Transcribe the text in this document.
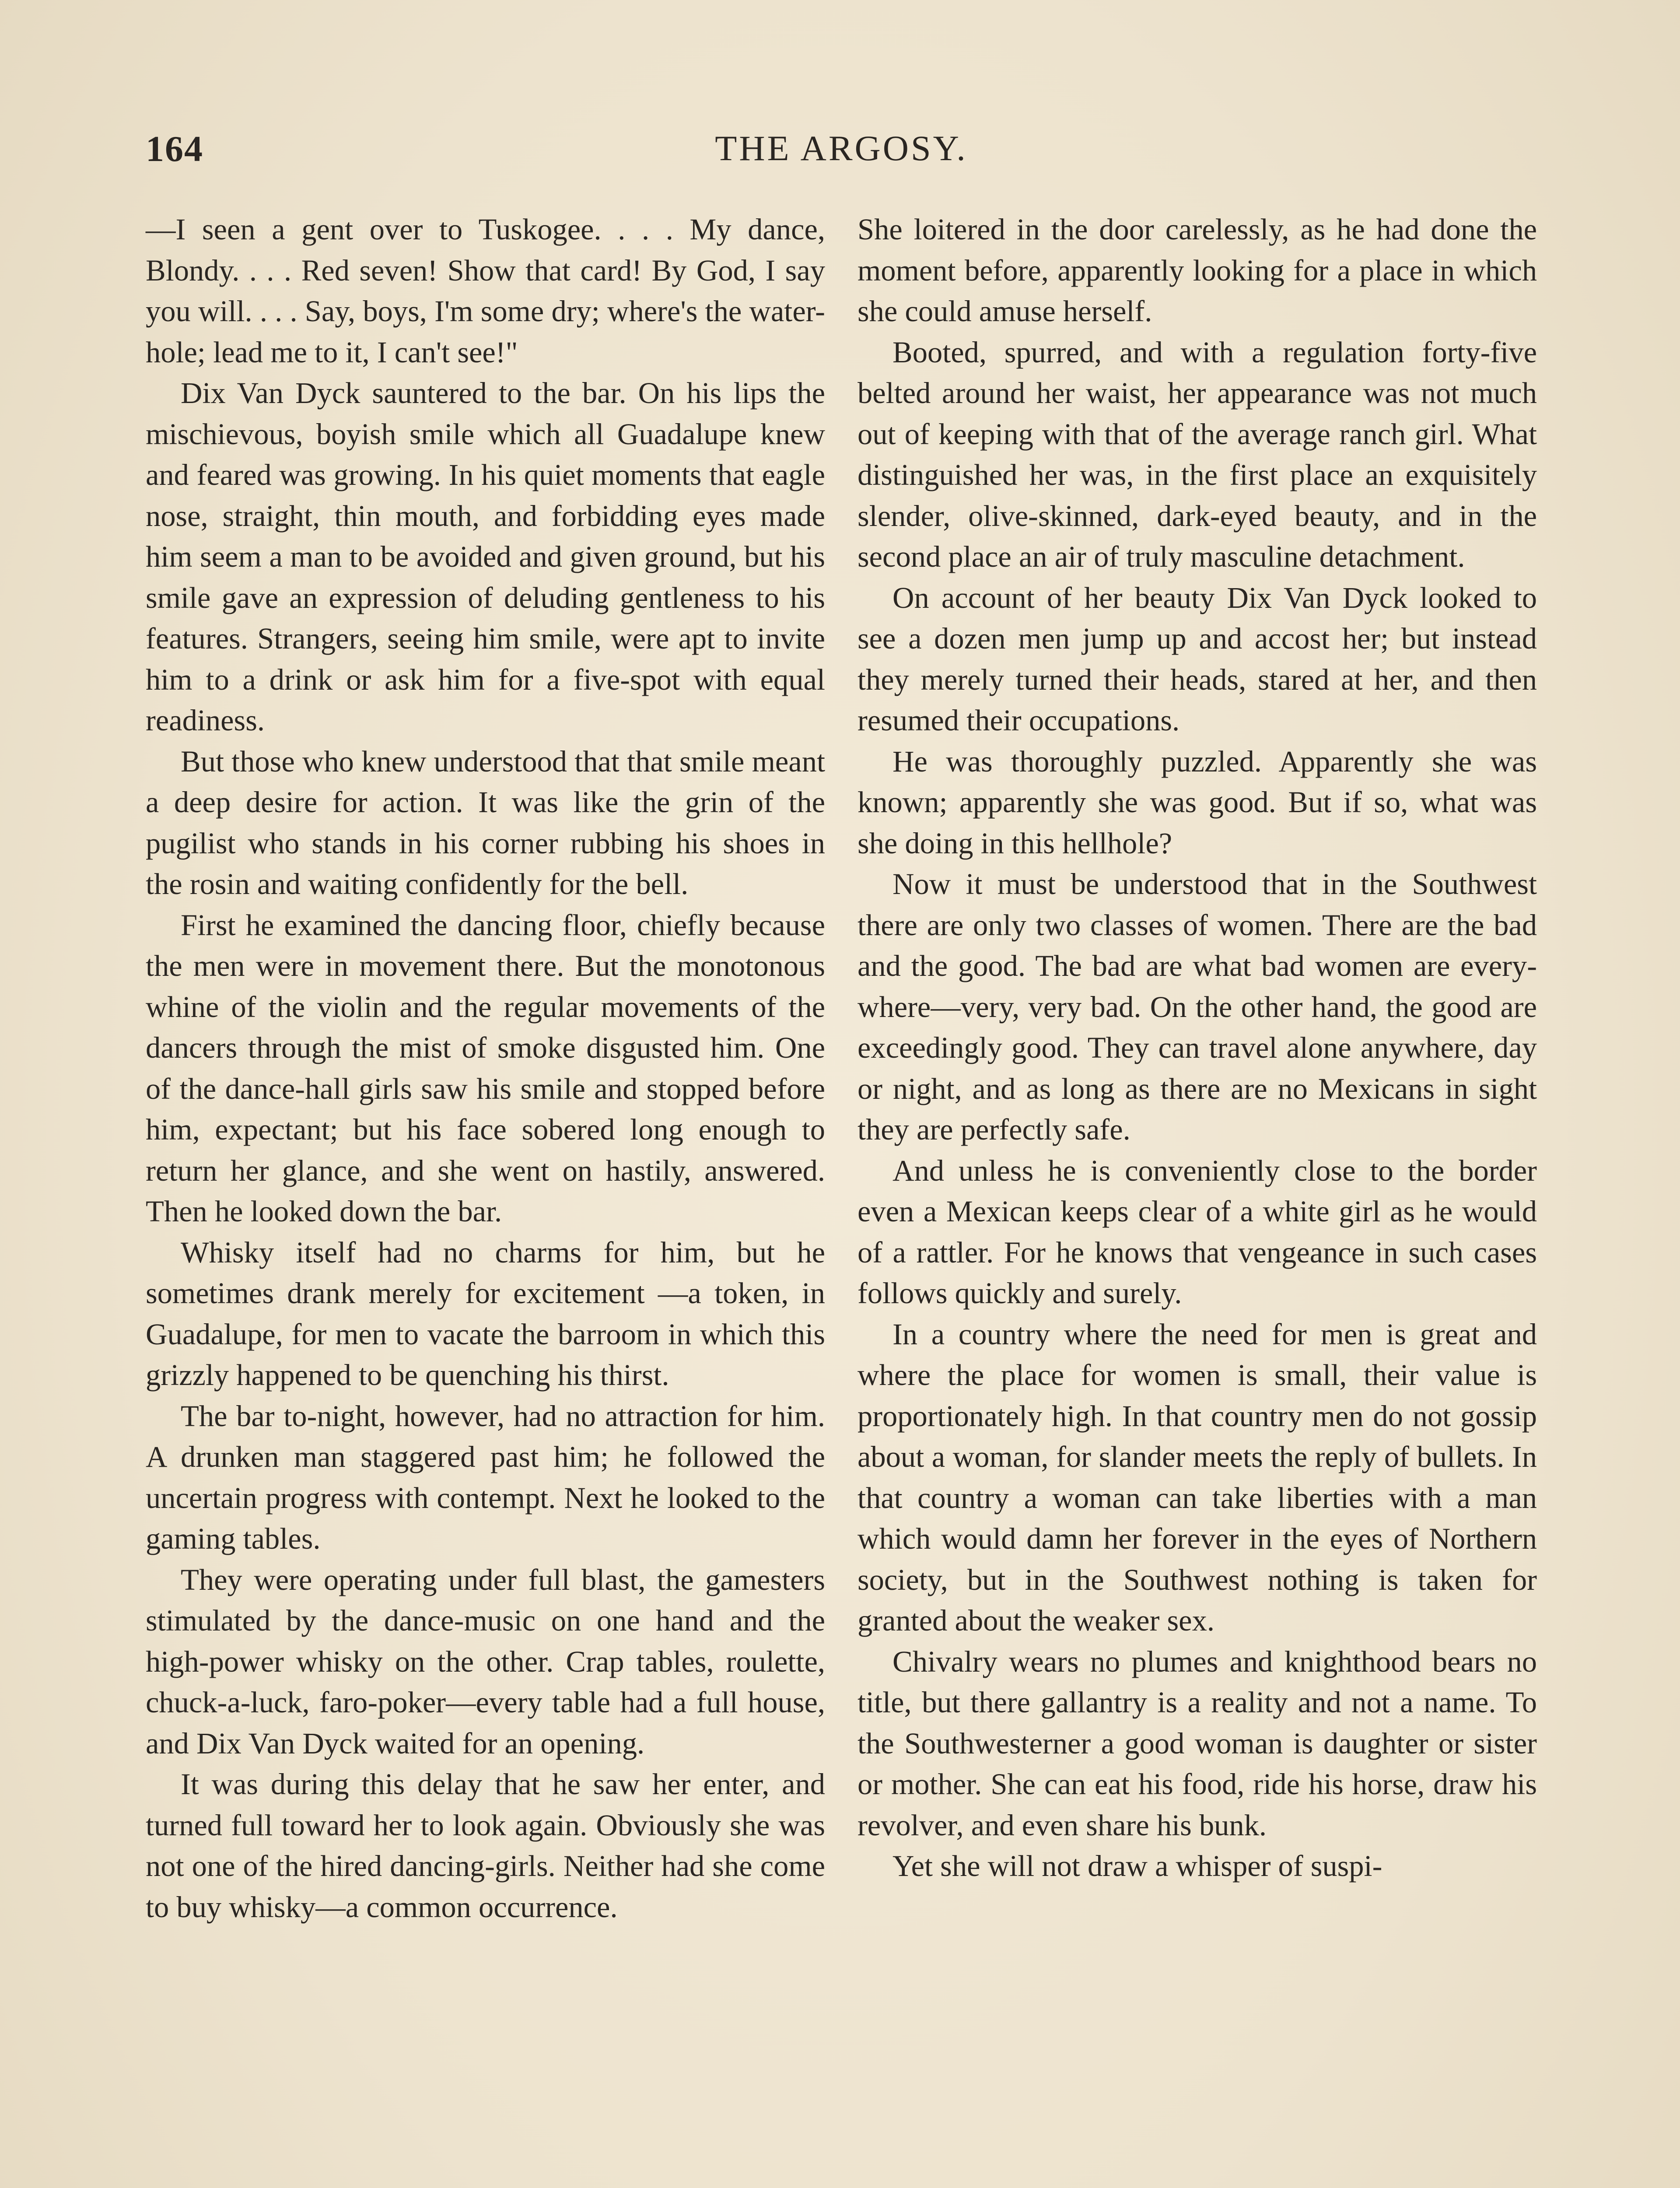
164	THE ARGOSY.

—I seen a gent over to Tuskogee. . . . My dance, Blondy. . . . Red seven! Show that card! By God, I say you will. . . . Say, boys, I'm some dry; where's the water-hole; lead me to it, I can't see!"

Dix Van Dyck sauntered to the bar. On his lips the mischievous, boyish smile which all Guadalupe knew and feared was growing. In his quiet moments that eagle nose, straight, thin mouth, and forbidding eyes made him seem a man to be avoided and given ground, but his smile gave an expression of deluding gentleness to his features. Strangers, seeing him smile, were apt to invite him to a drink or ask him for a five-spot with equal readiness.

But those who knew understood that that smile meant a deep desire for action. It was like the grin of the pugilist who stands in his corner rubbing his shoes in the rosin and waiting confidently for the bell.

First he examined the dancing floor, chiefly because the men were in movement there. But the monotonous whine of the violin and the regular movements of the dancers through the mist of smoke disgusted him. One of the dance-hall girls saw his smile and stopped before him, expectant; but his face sobered long enough to return her glance, and she went on hastily, answered. Then he looked down the bar.

Whisky itself had no charms for him, but he sometimes drank merely for excitement —a token, in Guadalupe, for men to vacate the barroom in which this grizzly happened to be quenching his thirst.

The bar to-night, however, had no attraction for him. A drunken man staggered past him; he followed the uncertain progress with contempt. Next he looked to the gaming tables.

They were operating under full blast, the gamesters stimulated by the dance-music on one hand and the high-power whisky on the other. Crap tables, roulette, chuck-a-luck, faro-poker—every table had a full house, and Dix Van Dyck waited for an opening.

It was during this delay that he saw her enter, and turned full toward her to look again. Obviously she was not one of the hired dancing-girls. Neither had she come to buy whisky—a common occurrence.

She loitered in the door carelessly, as he had done the moment before, apparently looking for a place in which she could amuse herself.

Booted, spurred, and with a regulation forty-five belted around her waist, her appearance was not much out of keeping with that of the average ranch girl. What distinguished her was, in the first place an exquisitely slender, olive-skinned, dark-eyed beauty, and in the second place an air of truly masculine detachment.

On account of her beauty Dix Van Dyck looked to see a dozen men jump up and accost her; but instead they merely turned their heads, stared at her, and then resumed their occupations.

He was thoroughly puzzled. Apparently she was known; apparently she was good. But if so, what was she doing in this hellhole?

Now it must be understood that in the Southwest there are only two classes of women. There are the bad and the good. The bad are what bad women are everywhere—very, very bad. On the other hand, the good are exceedingly good. They can travel alone anywhere, day or night, and as long as there are no Mexicans in sight they are perfectly safe.

And unless he is conveniently close to the border even a Mexican keeps clear of a white girl as he would of a rattler. For he knows that vengeance in such cases follows quickly and surely.

In a country where the need for men is great and where the place for women is small, their value is proportionately high. In that country men do not gossip about a woman, for slander meets the reply of bullets. In that country a woman can take liberties with a man which would damn her forever in the eyes of Northern society, but in the Southwest nothing is taken for granted about the weaker sex.

Chivalry wears no plumes and knighthood bears no title, but there gallantry is a reality and not a name. To the Southwesterner a good woman is daughter or sister or mother. She can eat his food, ride his horse, draw his revolver, and even share his bunk.

Yet she will not draw a whisper of suspi-
